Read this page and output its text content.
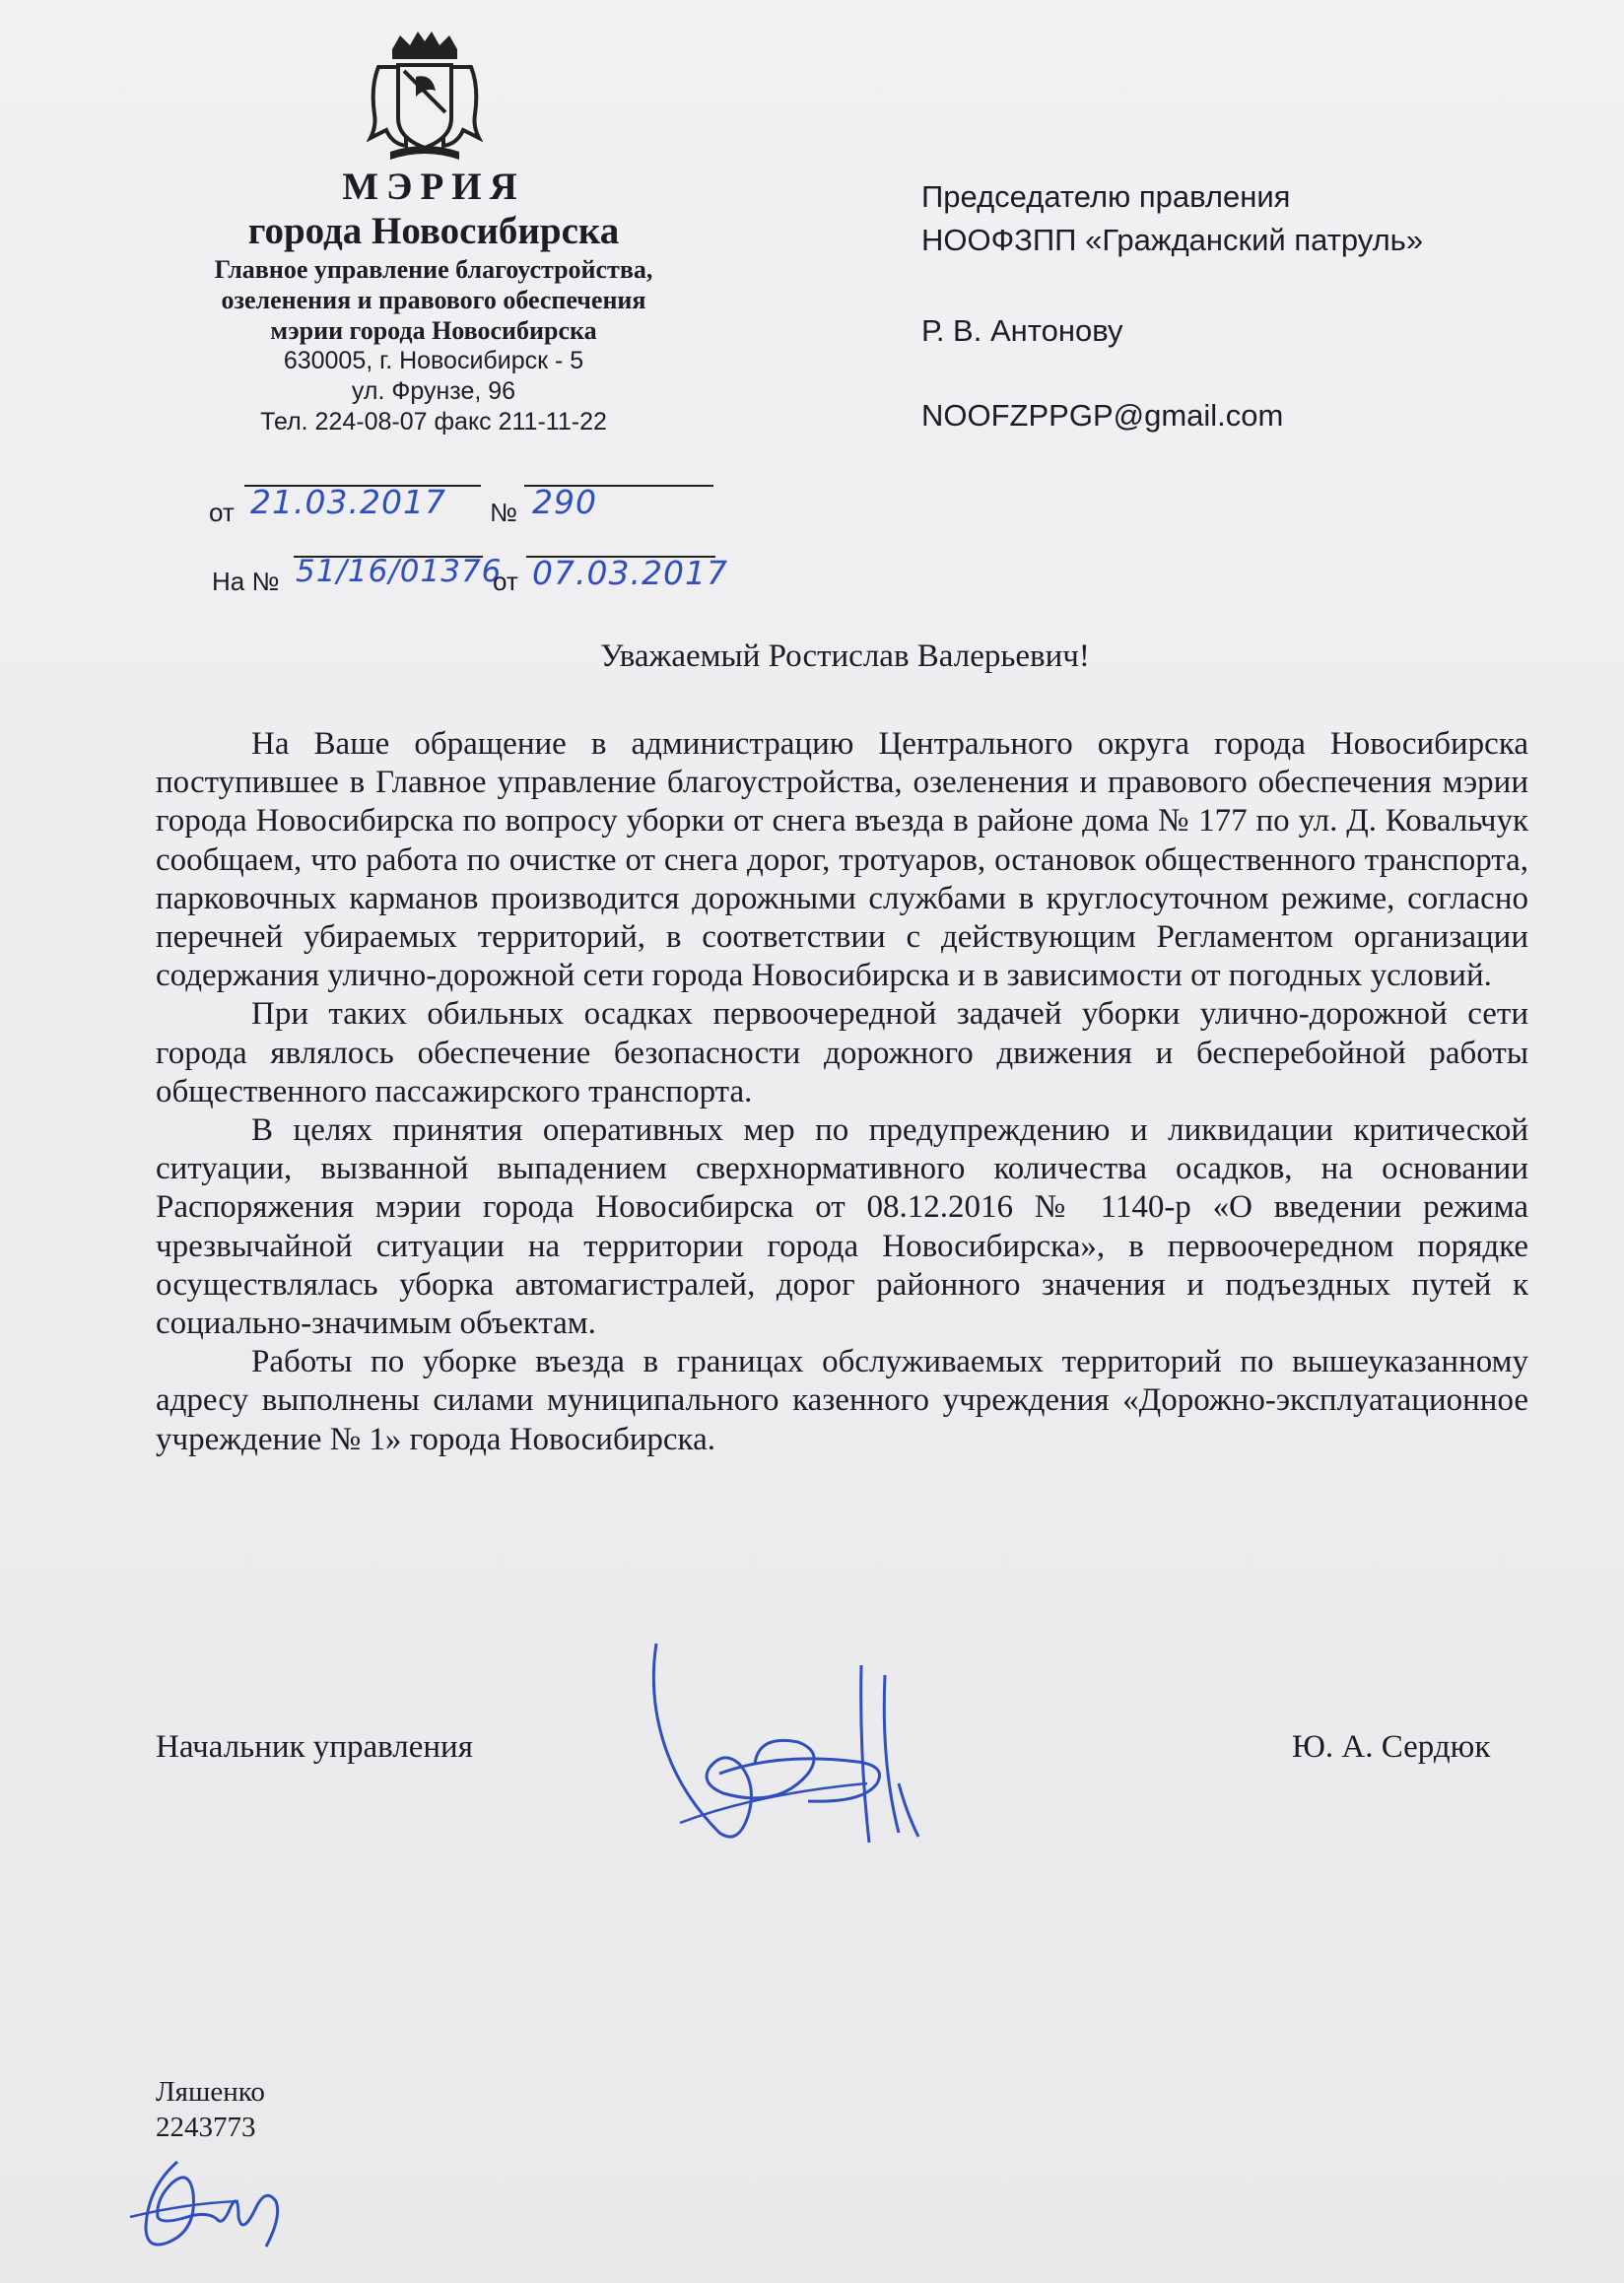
МЭРИЯ
города Новосибирска
Главное управление благоустройства,
озеленения и правового обеспечения
мэрии города Новосибирска
630005, г. Новосибирск - 5
ул. Фрунзе, 96
Тел. 224-08-07 факс 211-11-22
от 21.03.2017 № 290
На № 51/16/01376
от 07.03.2017
Председателю правления
НООФЗПП «Гражданский патруль»
Р. В. Антонову
NOOFZPPGP@gmail.com
Уважаемый Ростислав Валерьевич!

На Ваше обращение в администрацию Центрального округа города Новосибирска поступившее в Главное управление благоустройства, озеленения и правового обеспечения мэрии города Новосибирска по вопросу уборки от снега въезда в районе дома № 177 по ул. Д. Ковальчук сообщаем, что работа по очистке от снега дорог, тротуаров, остановок общественного транспорта, парковочных карманов производится дорожными службами в круглосуточном режиме, согласно перечней убираемых территорий, в соответствии с действующим Регламентом организации содержания улично-дорожной сети города Новосибирска и в зависимости от погодных условий.

При таких обильных осадках первоочередной задачей уборки улично-дорожной сети города являлось обеспечение безопасности дорожного движения и бесперебойной работы общественного пассажирского транспорта.

В целях принятия оперативных мер по предупреждению и ликвидации критической ситуации, вызванной выпадением сверхнормативного количества осадков, на основании Распоряжения мэрии города Новосибирска от 08.12.2016 № 1140-р «О введении режима чрезвычайной ситуации на территории города Новосибирска», в первоочередном порядке осуществлялась уборка автомагистралей, дорог районного значения и подъездных путей к социально-значимым объектам.

Работы по уборке въезда в границах обслуживаемых территорий по вышеуказанному адресу выполнены силами муниципального казенного учреждения «Дорожно-эксплуатационное учреждение № 1» города Новосибирска.

Начальник управления	Ю. А. Сердюк
Ляшенко
2243773
